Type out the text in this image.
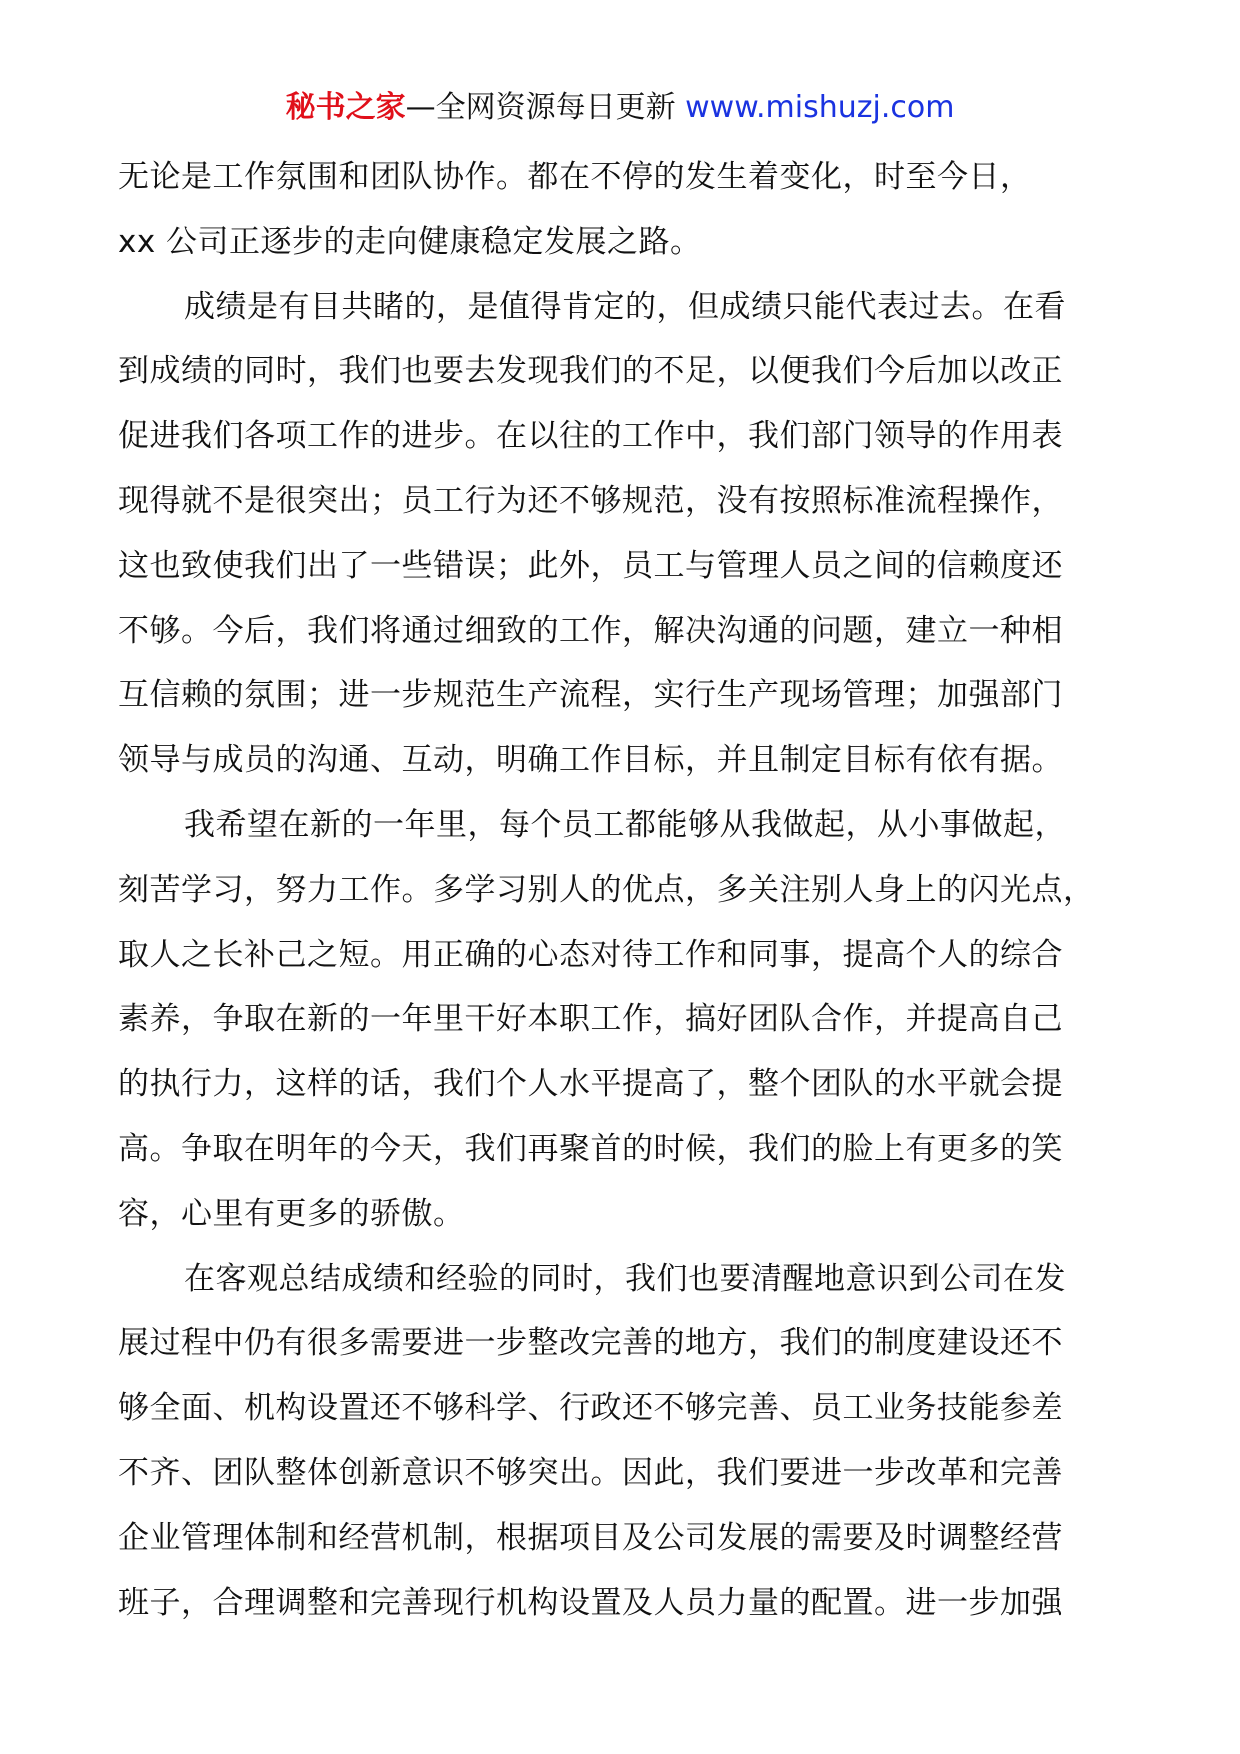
秘书之家—全网资源每日更新 www.mishuzj.com
无论是工作氛围和团队协作。都在不停的发生着变化，时至今日，
xx 公司正逐步的走向健康稳定发展之路。
成绩是有目共睹的，是值得肯定的，但成绩只能代表过去。在看
到成绩的同时，我们也要去发现我们的不足，以便我们今后加以改正
促进我们各项工作的进步。在以往的工作中，我们部门领导的作用表
现得就不是很突出；员工行为还不够规范，没有按照标准流程操作，
这也致使我们出了一些错误；此外，员工与管理人员之间的信赖度还
不够。今后，我们将通过细致的工作，解决沟通的问题，建立一种相
互信赖的氛围；进一步规范生产流程，实行生产现场管理；加强部门
领导与成员的沟通、互动，明确工作目标，并且制定目标有依有据。
我希望在新的一年里，每个员工都能够从我做起，从小事做起，
刻苦学习，努力工作。多学习别人的优点，多关注别人身上的闪光点，
取人之长补己之短。用正确的心态对待工作和同事，提高个人的综合
素养，争取在新的一年里干好本职工作，搞好团队合作，并提高自己
的执行力，这样的话，我们个人水平提高了，整个团队的水平就会提
高。争取在明年的今天，我们再聚首的时候，我们的脸上有更多的笑
容，心里有更多的骄傲。
在客观总结成绩和经验的同时，我们也要清醒地意识到公司在发
展过程中仍有很多需要进一步整改完善的地方，我们的制度建设还不
够全面、机构设置还不够科学、行政还不够完善、员工业务技能参差
不齐、团队整体创新意识不够突出。因此，我们要进一步改革和完善
企业管理体制和经营机制，根据项目及公司发展的需要及时调整经营
班子，合理调整和完善现行机构设置及人员力量的配置。进一步加强
